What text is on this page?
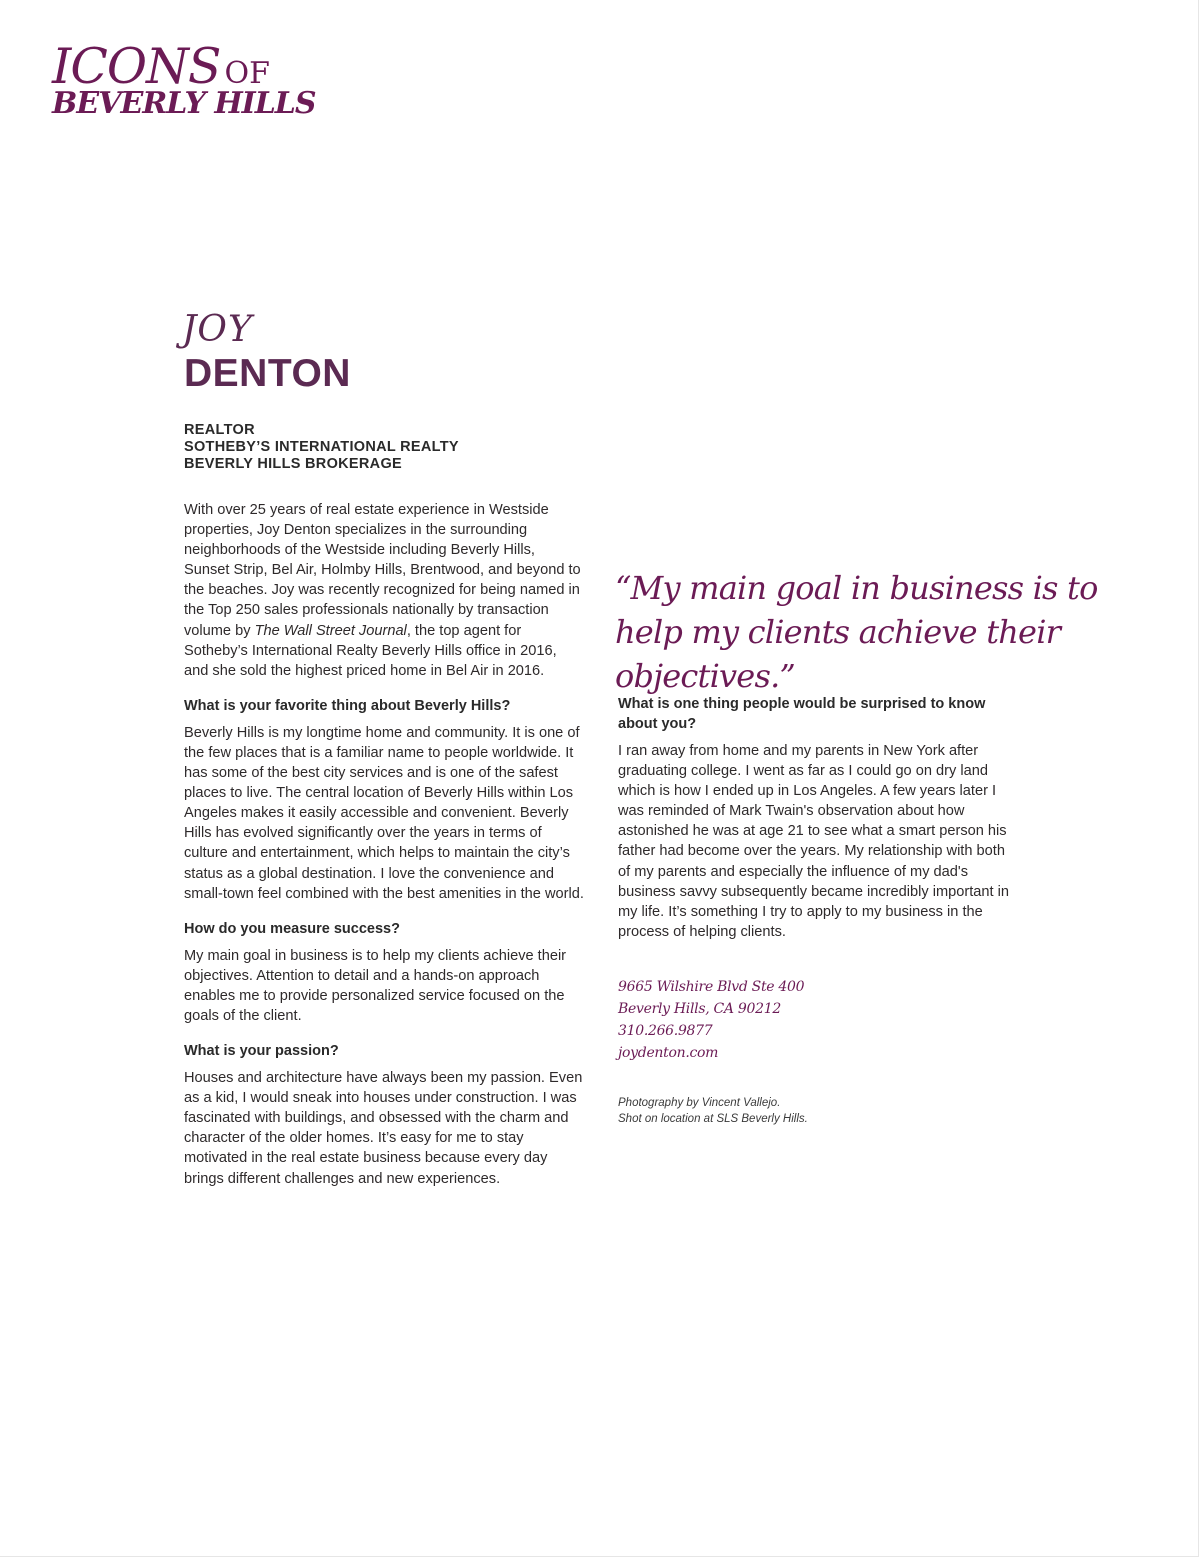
ICONS OF
BEVERLY HILLS
JOY
DENTON
REALTOR
SOTHEBY’S INTERNATIONAL REALTY
BEVERLY HILLS BROKERAGE

With over 25 years of real estate experience in Westside properties, Joy Denton specializes in the surrounding neighborhoods of the Westside including Beverly Hills, Sunset Strip, Bel Air, Holmby Hills, Brentwood, and beyond to the beaches. Joy was recently recognized for being named in the Top 250 sales professionals nationally by transaction volume by The Wall Street Journal, the top agent for Sotheby’s International Realty Beverly Hills office in 2016, and she sold the highest priced home in Bel Air in 2016.

What is your favorite thing about Beverly Hills?

Beverly Hills is my longtime home and community. It is one of the few places that is a familiar name to people worldwide. It has some of the best city services and is one of the safest places to live. The central location of Beverly Hills within Los Angeles makes it easily accessible and convenient. Beverly Hills has evolved significantly over the years in terms of culture and entertainment, which helps to maintain the city’s status as a global destination. I love the convenience and small-town feel combined with the best amenities in the world.

How do you measure success?

My main goal in business is to help my clients achieve their objectives. Attention to detail and a hands-on approach enables me to provide personalized service focused on the goals of the client.

What is your passion?

Houses and architecture have always been my passion. Even as a kid, I would sneak into houses under construction. I was fascinated with buildings, and obsessed with the charm and character of the older homes. It’s easy for me to stay motivated in the real estate business because every day brings different challenges and new experiences.

“My main goal in business is to help my clients achieve their objectives.”

What is one thing people would be surprised to know about you?

I ran away from home and my parents in New York after graduating college. I went as far as I could go on dry land which is how I ended up in Los Angeles. A few years later I was reminded of Mark Twain's observation about how astonished he was at age 21 to see what a smart person his father had become over the years. My relationship with both of my parents and especially the influence of my dad's business savvy subsequently became incredibly important in my life. It’s something I try to apply to my business in the process of helping clients.

9665 Wilshire Blvd Ste 400
Beverly Hills, CA 90212
310.266.9877
joydenton.com
Photography by Vincent Vallejo.
Shot on location at SLS Beverly Hills.
